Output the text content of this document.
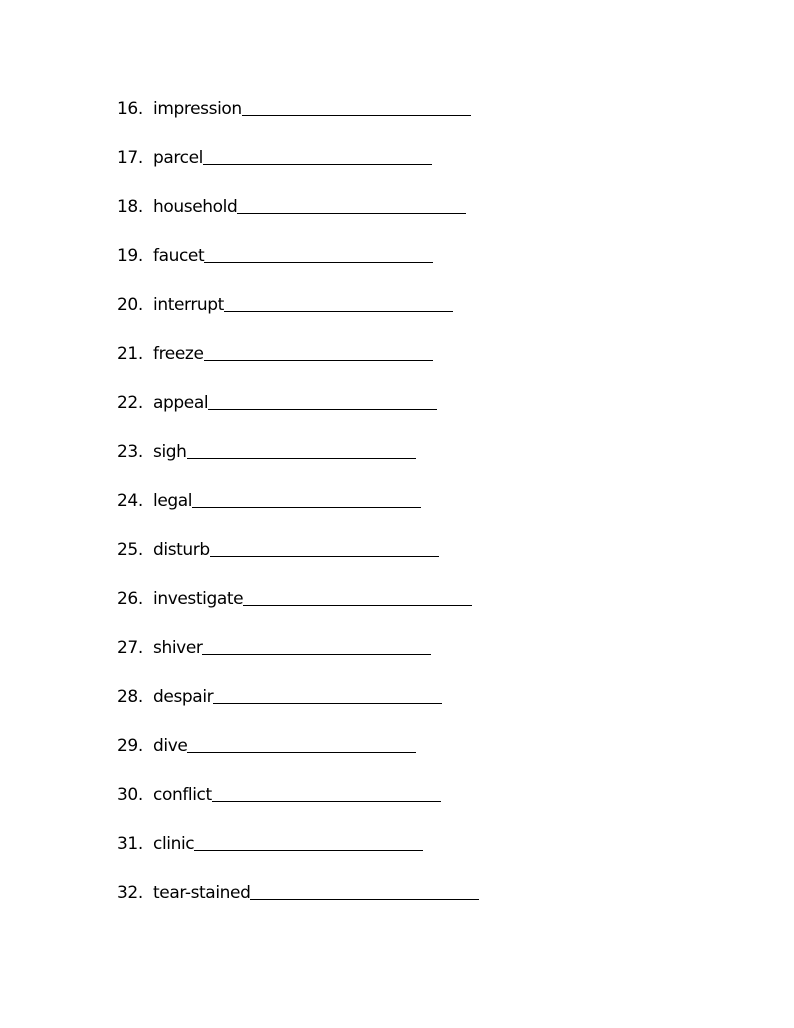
16. impression
17. parcel
18. household
19. faucet
20. interrupt
21. freeze
22. appeal
23. sigh
24. legal
25. disturb
26. investigate
27. shiver
28. despair
29. dive
30. conflict
31. clinic
32. tear-stained
